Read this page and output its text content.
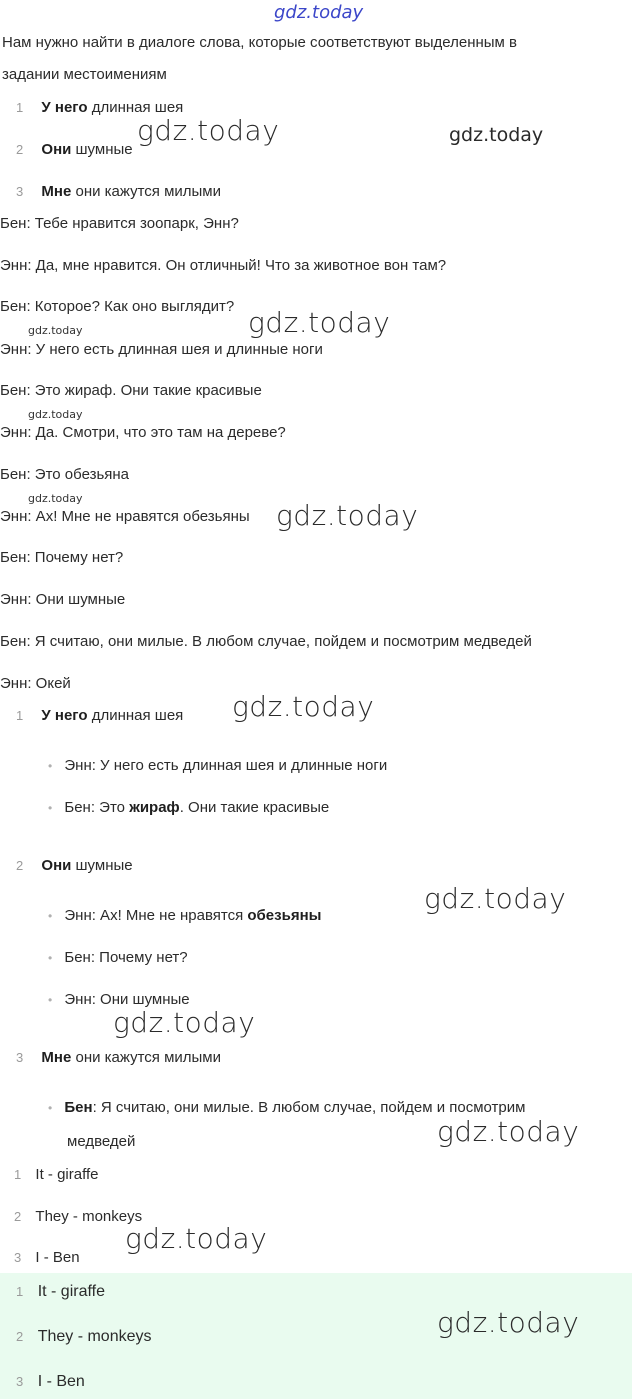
gdz.today
Нам нужно найти в диалоге слова, которые соответствуют выделенным в
задании местоимениям
1 У него длинная шея
2 Они шумные
3 Мне они кажутся милыми
Бен: Тебе нравится зоопарк, Энн?
Энн: Да, мне нравится. Он отличный! Что за животное вон там?
Бен: Которое? Как оно выглядит?
Энн: У него есть длинная шея и длинные ноги
Бен: Это жираф. Они такие красивые
Энн: Да. Смотри, что это там на дереве?
Бен: Это обезьяна
Энн: Ах! Мне не нравятся обезьяны
Бен: Почему нет?
Энн: Они шумные
Бен: Я считаю, они милые. В любом случае, пойдем и посмотрим медведей
Энн: Окей
1 У него длинная шея
• Энн: У него есть длинная шея и длинные ноги
• Бен: Это жираф. Они такие красивые
2 Они шумные
• Энн: Ах! Мне не нравятся обезьяны
• Бен: Почему нет?
• Энн: Они шумные
3 Мне они кажутся милыми
• Бен: Я считаю, они милые. В любом случае, пойдем и посмотрим
медведей
1 It - giraffe
2 They - monkeys
3 I - Ben
1 It - giraffe
2 They - monkeys
3 I - Ben
gdz.today	gdz.today
gdz.today
gdz.today
gdz.today
gdz.today
gdz.today
gdz.today
gdz.today
gdz.today
gdz.today
gdz.today
gdz.today
